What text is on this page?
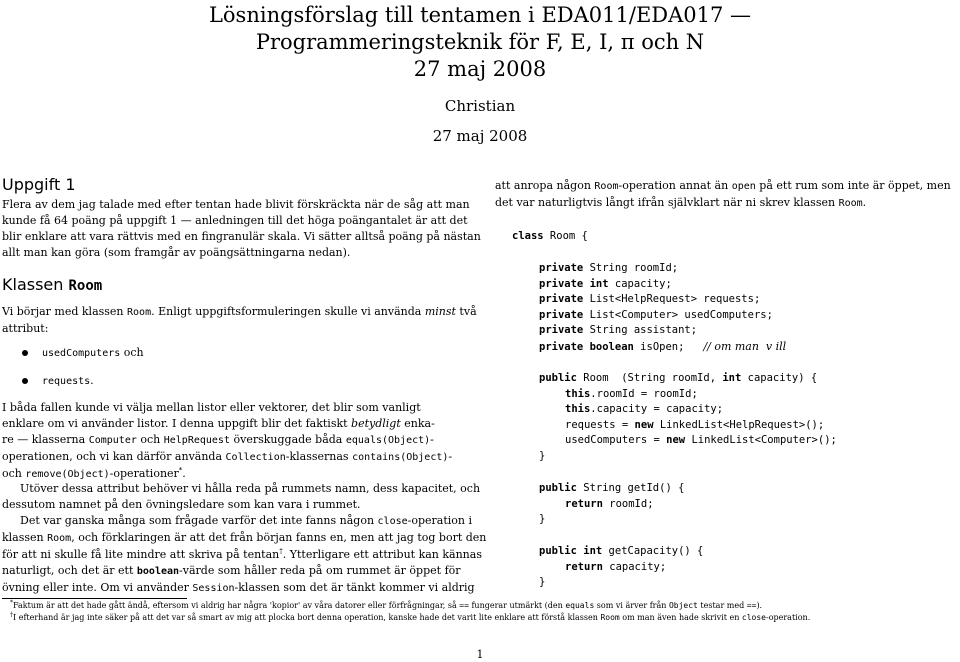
Lösningsförslag till tentamen i EDA011/EDA017 —
Programmeringsteknik för F, E, I, π och N
27 maj 2008
Christian
27 maj 2008
Uppgift 1
Flera av dem jag talade med efter tentan hade blivit förskräckta när de såg att man
kunde få 64 poäng på uppgift 1 — anledningen till det höga poängantalet är att det
blir enklare att vara rättvis med en fingranulär skala. Vi sätter alltså poäng på nästan
allt man kan göra (som framgår av poängsättningarna nedan).
Klassen Room
Vi börjar med klassen Room. Enligt uppgiftsformuleringen skulle vi använda minst två
attribut:
usedComputers och
requests.
I båda fallen kunde vi välja mellan listor eller vektorer, det blir som vanligt
enklare om vi använder listor. I denna uppgift blir det faktiskt betydligt enka-
re — klasserna Computer och HelpRequest överskuggade båda equals(Object)-
operationen, och vi kan därför använda Collection-klassernas contains(Object)-
och remove(Object)-operationer*.
Utöver dessa attribut behöver vi hålla reda på rummets namn, dess kapacitet, och
dessutom namnet på den övningsledare som kan vara i rummet.
Det var ganska många som frågade varför det inte fanns någon close-operation i
klassen Room, och förklaringen är att det från början fanns en, men att jag tog bort den
för att ni skulle få lite mindre att skriva på tentan†. Ytterligare ett attribut kan kännas
naturligt, och det är ett boolean-värde som håller reda på om rummet är öppet för
övning eller inte. Om vi använder Session-klassen som det är tänkt kommer vi aldrig
att anropa någon Room-operation annat än open på ett rum som inte är öppet, men
det var naturligtvis långt ifrån självklart när ni skrev klassen Room.
class Room {
private String roomId;
private int capacity;
private List<HelpRequest> requests;
private List<Computer> usedComputers;
private String assistant;
private boolean isOpen; // om man  v ill
public Room  (String roomId, int capacity) {
this.roomId = roomId;
this.capacity = capacity;
requests = new LinkedList<HelpRequest>();
usedComputers = new LinkedList<Computer>();
}
public String getId() {
return roomId;
}
public int getCapacity() {
return capacity;
}
*Faktum är att det hade gått ändå, eftersom vi aldrig har några 'kopior' av våra datorer eller förfrågningar, så == fungerar utmärkt (den equals som vi ärver från Object testar med ==).
†I efterhand är jag inte säker på att det var så smart av mig att plocka bort denna operation, kanske hade det varit lite enklare att förstå klassen Room om man även hade skrivit en close-operation.
1
